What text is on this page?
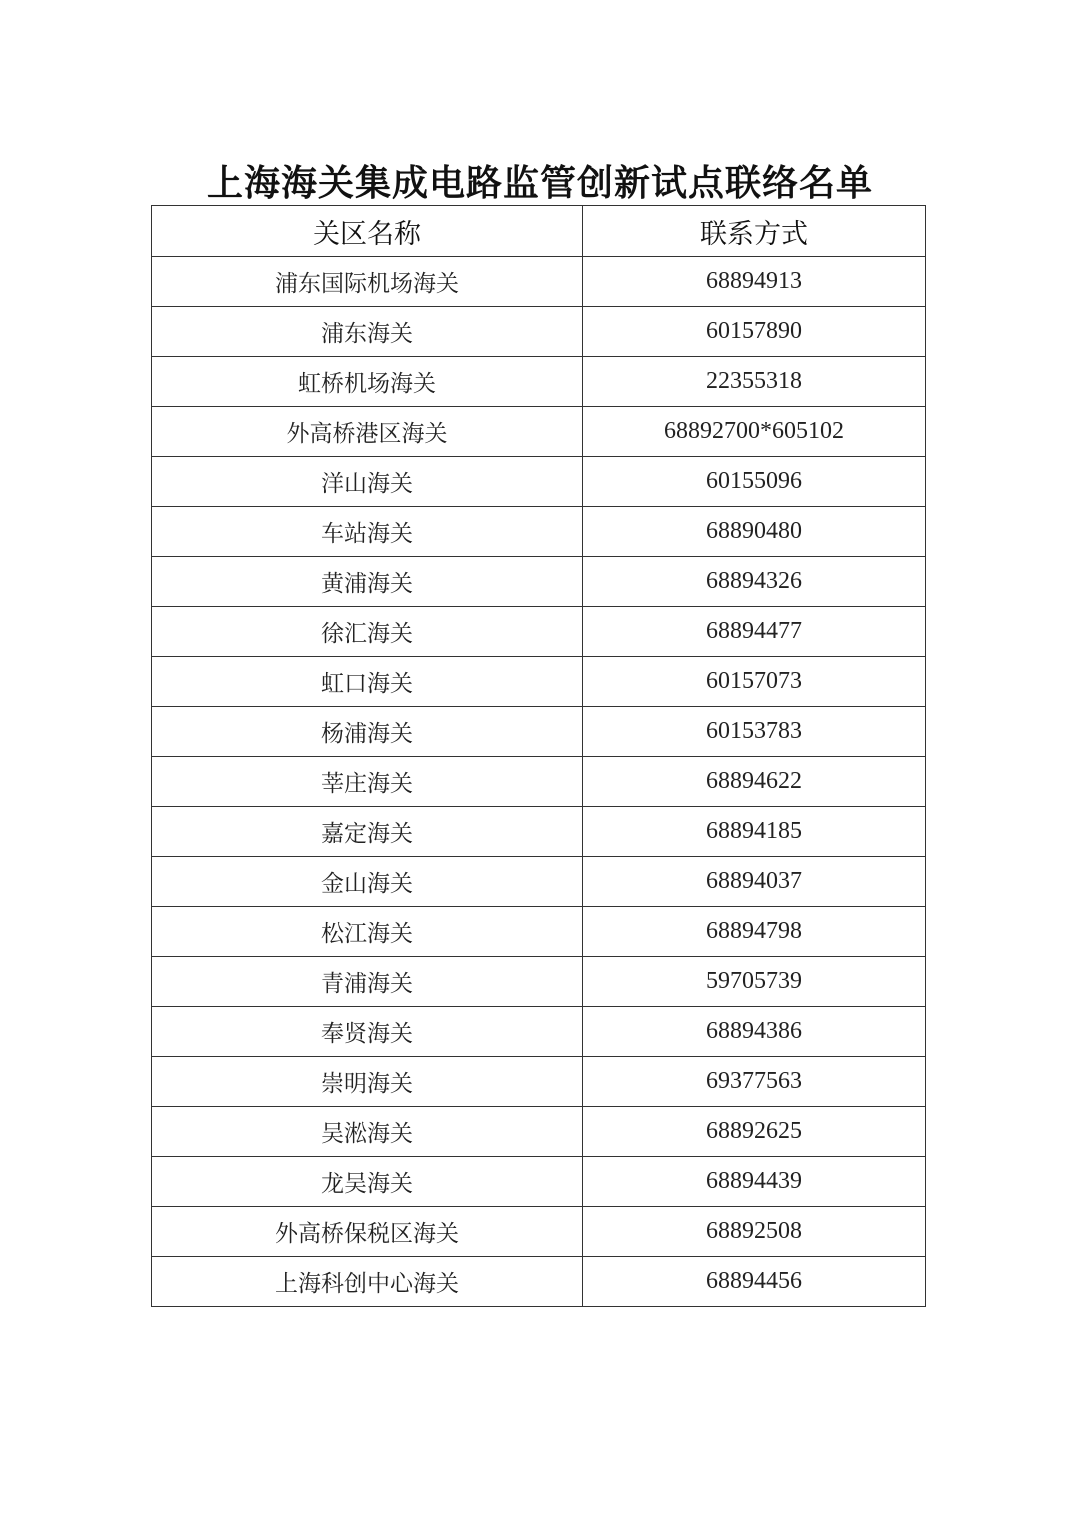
上海海关集成电路监管创新试点联络名单
关区名称	联系方式
浦东国际机场海关	68894913
浦东海关	60157890
虹桥机场海关	22355318
外高桥港区海关	68892700*605102
洋山海关	60155096
车站海关	68890480
黄浦海关	68894326
徐汇海关	68894477
虹口海关	60157073
杨浦海关	60153783
莘庄海关	68894622
嘉定海关	68894185
金山海关	68894037
松江海关	68894798
青浦海关	59705739
奉贤海关	68894386
崇明海关	69377563
吴淞海关	68892625
龙吴海关	68894439
外高桥保税区海关	68892508
上海科创中心海关	68894456
